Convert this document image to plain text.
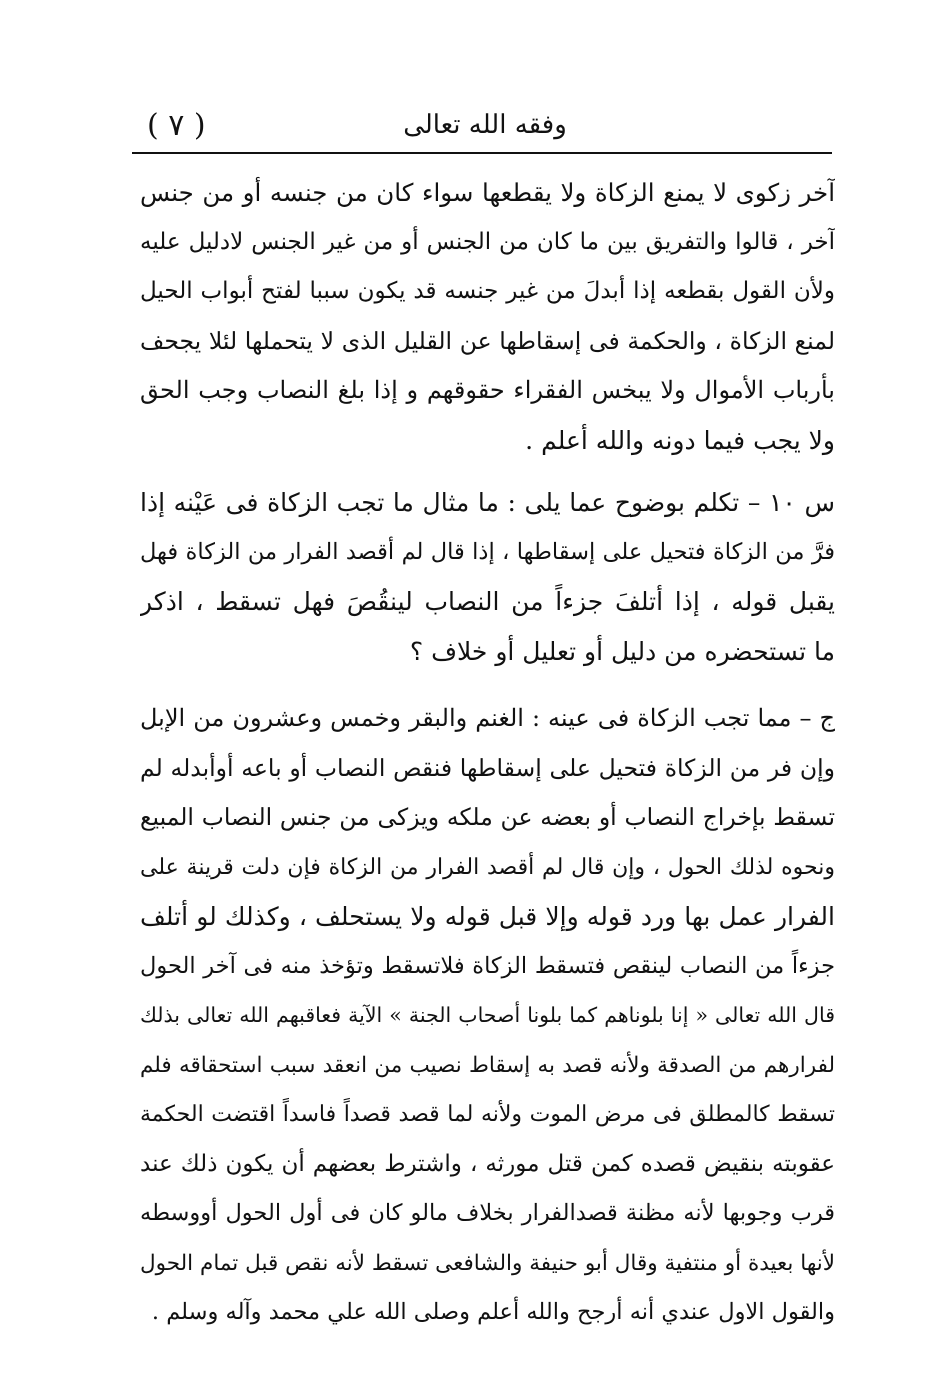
( ٧ )	وفقه الله تعالى
آخر زكوى لا يمنع الزكاة ولا يقطعها سواء كان من جنسه أو من جنس
آخر ، قالوا والتفريق بين ما كان من الجنس أو من غير الجنس لادليل عليه
ولأن القول بقطعه إذا أبدلَ من غير جنسه قد يكون سببا لفتح أبواب الحيل
لمنع الزكاة ، والحكمة فى إسقاطها عن القليل الذى لا يتحملها لئلا يجحف
بأرباب الأموال ولا يبخس الفقراء حقوقهم و إذا بلغ النصاب وجب الحق
ولا يجب فيما دونه والله أعلم .
س ١٠ – تكلم بوضوح عما يلى : ما مثال ما تجب الزكاة فى عَيْنه إذا
فرَّ من الزكاة فتحيل على إسقاطها ، إذا قال لم أقصد الفرار من الزكاة فهل
يقبل قوله ، إذا أتلفَ جزءاً من النصاب لينقُصَ فهل تسقط ، اذكر
ما تستحضره من دليل أو تعليل أو خلاف ؟
ج – مما تجب الزكاة فى عينه : الغنم والبقر وخمس وعشرون من الإبل
وإن فر من الزكاة فتحيل على إسقاطها فنقص النصاب أو باعه أوأبدله لم
تسقط بإخراج النصاب أو بعضه عن ملكه ويزكى من جنس النصاب المبيع
ونحوه لذلك الحول ، وإن قال لم أقصد الفرار من الزكاة فإن دلت قرينة على
الفرار عمل بها ورد قوله وإلا قبل قوله ولا يستحلف ، وكذلك لو أتلف
جزءاً من النصاب لينقص فتسقط الزكاة فلاتسقط وتؤخذ منه فى آخر الحول
قال الله تعالى « إنا بلوناهم كما بلونا أصحاب الجنة » الآية فعاقبهم الله تعالى بذلك
لفرارهم من الصدقة ولأنه قصد به إسقاط نصيب من انعقد سبب استحقاقه فلم
تسقط كالمطلق فى مرض الموت ولأنه لما قصد قصداً فاسداً اقتضت الحكمة
عقوبته بنقيض قصده كمن قتل مورثه ، واشترط بعضهم أن يكون ذلك عند
قرب وجوبها لأنه مظنة قصدالفرار بخلاف مالو كان فى أول الحول أووسطه
لأنها بعيدة أو منتفية وقال أبو حنيفة والشافعى تسقط لأنه نقص قبل تمام الحول
والقول الاول عندي أنه أرجح والله أعلم وصلى الله علي محمد وآله وسلم .
